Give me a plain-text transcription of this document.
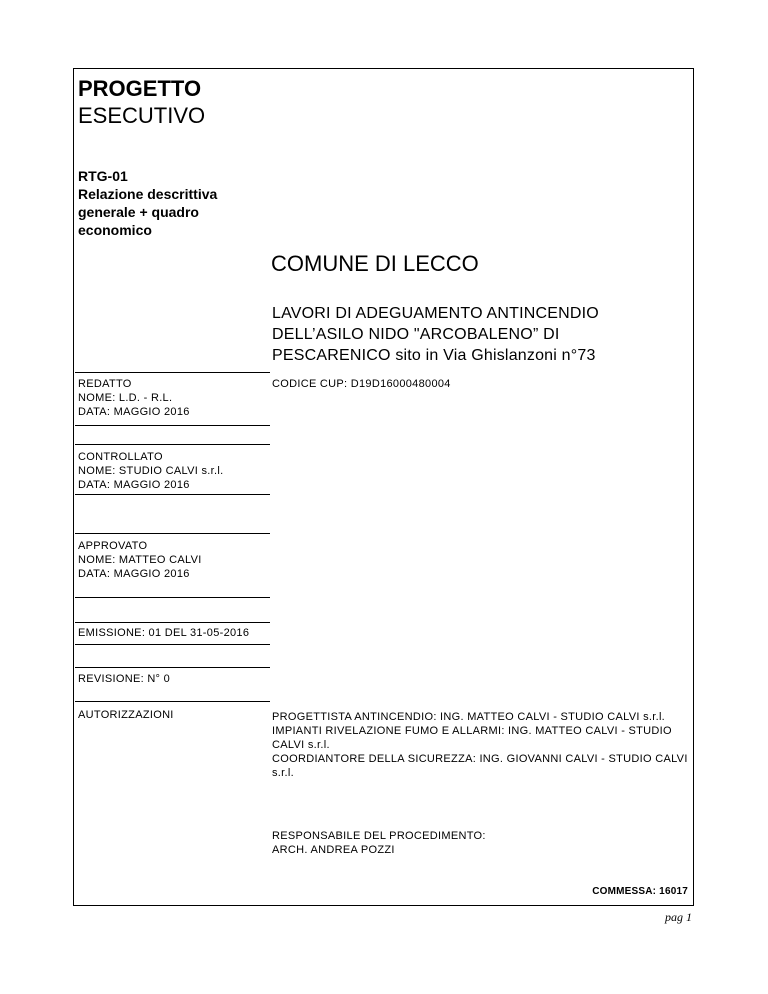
PROGETTO
ESECUTIVO
RTG-01
Relazione descrittiva
generale + quadro
economico
COMUNE DI LECCO
LAVORI DI ADEGUAMENTO ANTINCENDIO
DELL’ASILO NIDO "ARCOBALENO” DI
PESCARENICO sito in Via Ghislanzoni n°73
CODICE CUP: D19D16000480004
REDATTO
NOME: L.D. - R.L.
DATA: MAGGIO 2016
CONTROLLATO
NOME: STUDIO CALVI s.r.l.
DATA: MAGGIO 2016
APPROVATO
NOME: MATTEO CALVI
DATA: MAGGIO 2016
EMISSIONE: 01 DEL 31-05-2016
REVISIONE: N° 0
AUTORIZZAZIONI	PROGETTISTA ANTINCENDIO: ING. MATTEO CALVI - STUDIO CALVI s.r.l.
IMPIANTI RIVELAZIONE FUMO E ALLARMI: ING. MATTEO CALVI - STUDIO
CALVI s.r.l.
COORDIANTORE DELLA SICUREZZA: ING. GIOVANNI CALVI - STUDIO CALVI
s.r.l.
RESPONSABILE DEL PROCEDIMENTO:
ARCH. ANDREA POZZI
COMMESSA: 16017
pag 1
